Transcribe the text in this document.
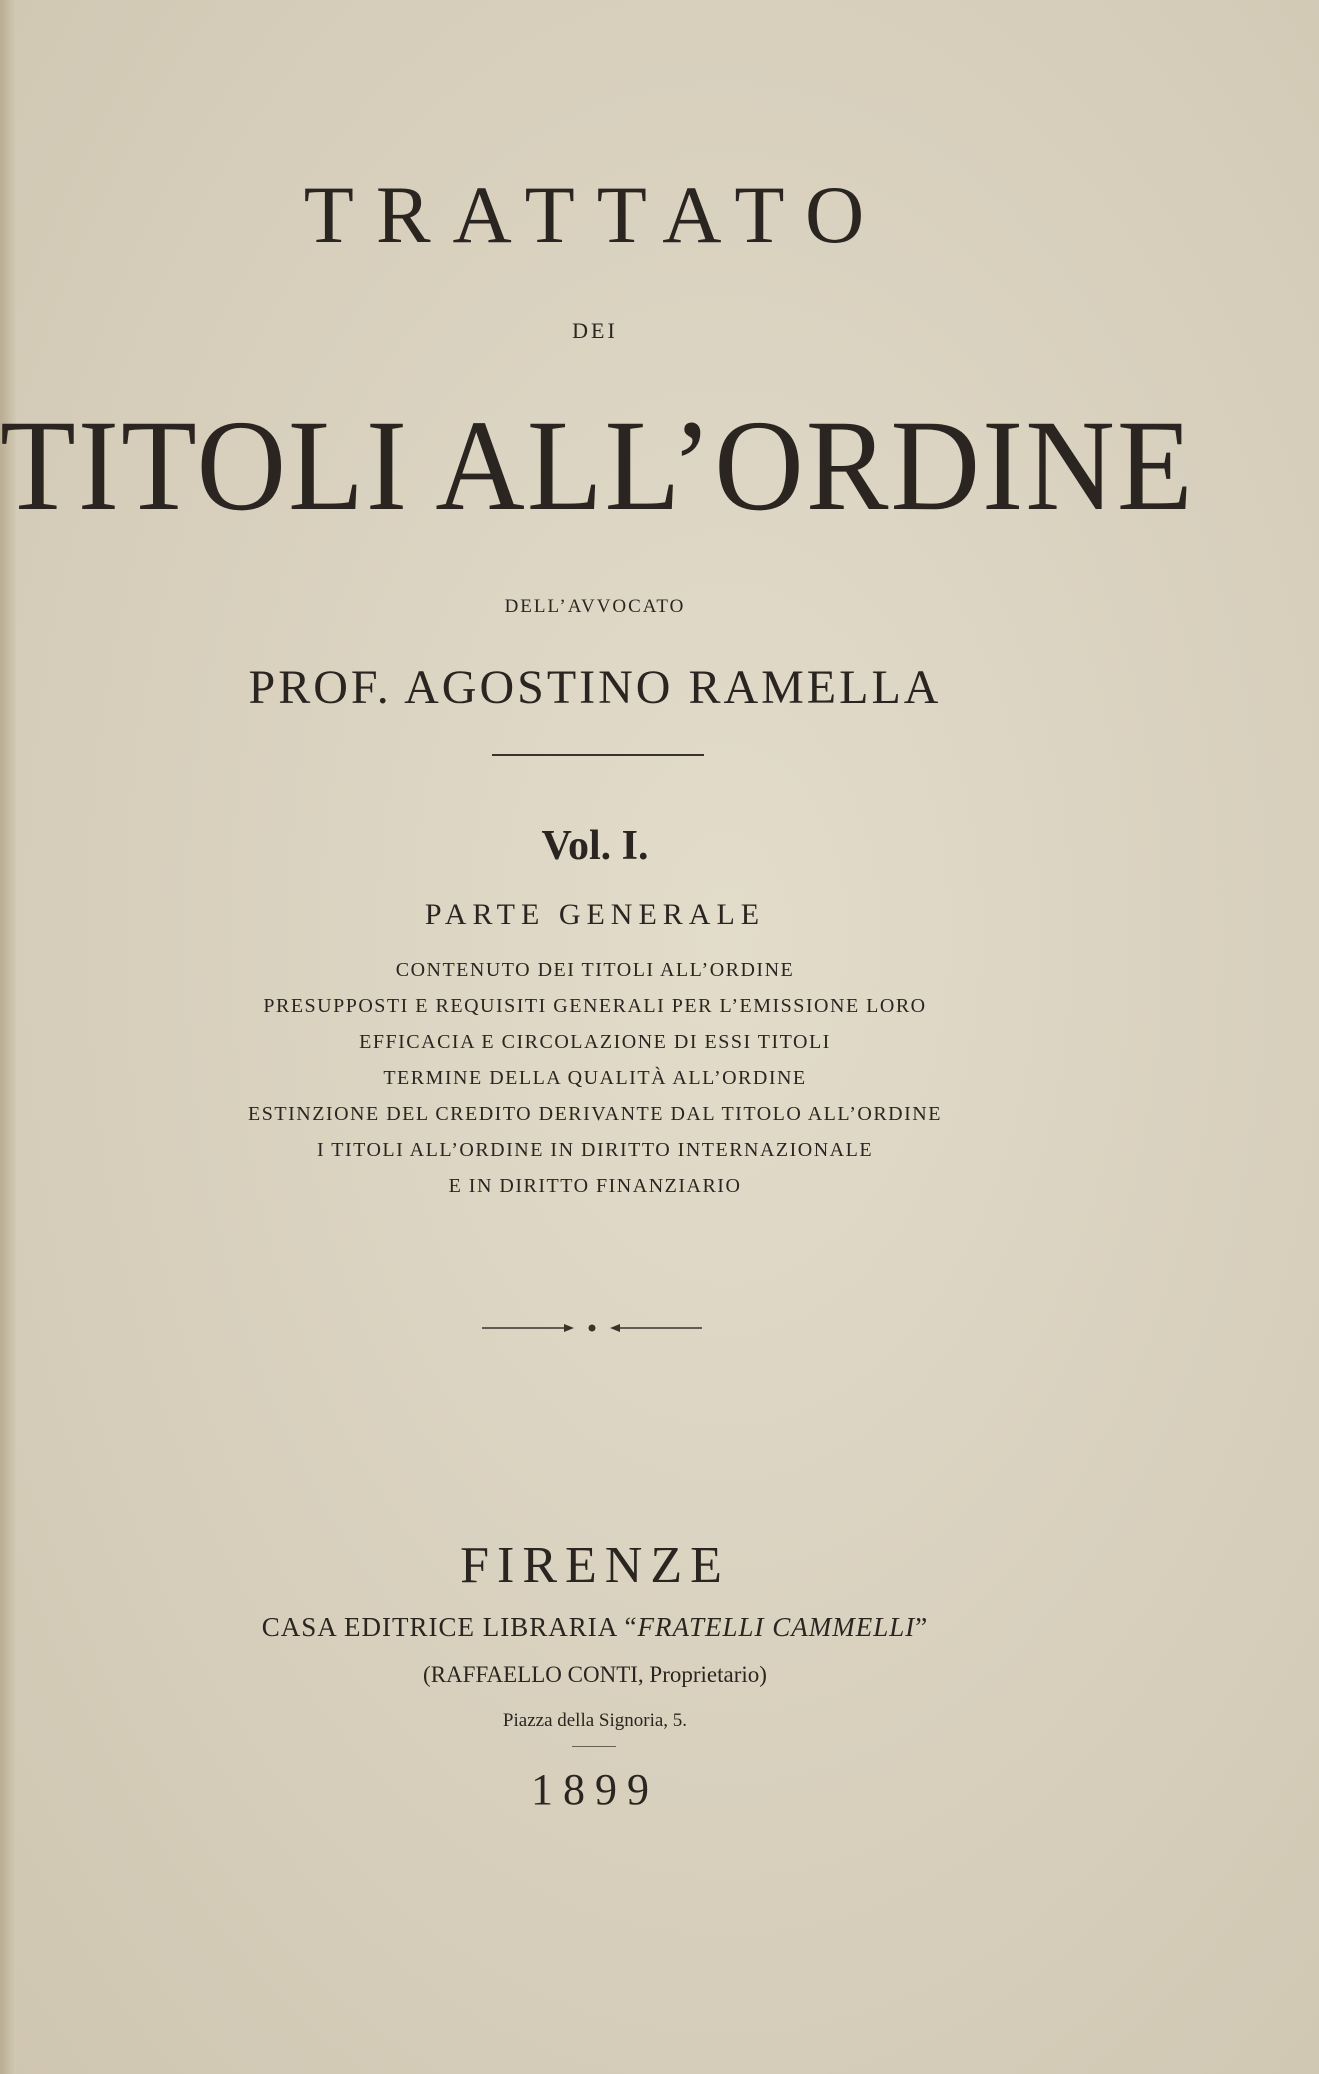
TRATTATO
DEI
TITOLI ALL’ORDINE
DELL’AVVOCATO
PROF. AGOSTINO RAMELLA
Vol. I.
PARTE GENERALE
CONTENUTO DEI TITOLI ALL’ORDINE
PRESUPPOSTI E REQUISITI GENERALI PER L’EMISSIONE LORO
EFFICACIA E CIRCOLAZIONE DI ESSI TITOLI
TERMINE DELLA QUALITÀ ALL’ORDINE
ESTINZIONE DEL CREDITO DERIVANTE DAL TITOLO ALL’ORDINE
I TITOLI ALL’ORDINE IN DIRITTO INTERNAZIONALE
E IN DIRITTO FINANZIARIO
FIRENZE
CASA EDITRICE LIBRARIA “FRATELLI CAMMELLI”
(RAFFAELLO CONTI, Proprietario)
Piazza della Signoria, 5.
1899
